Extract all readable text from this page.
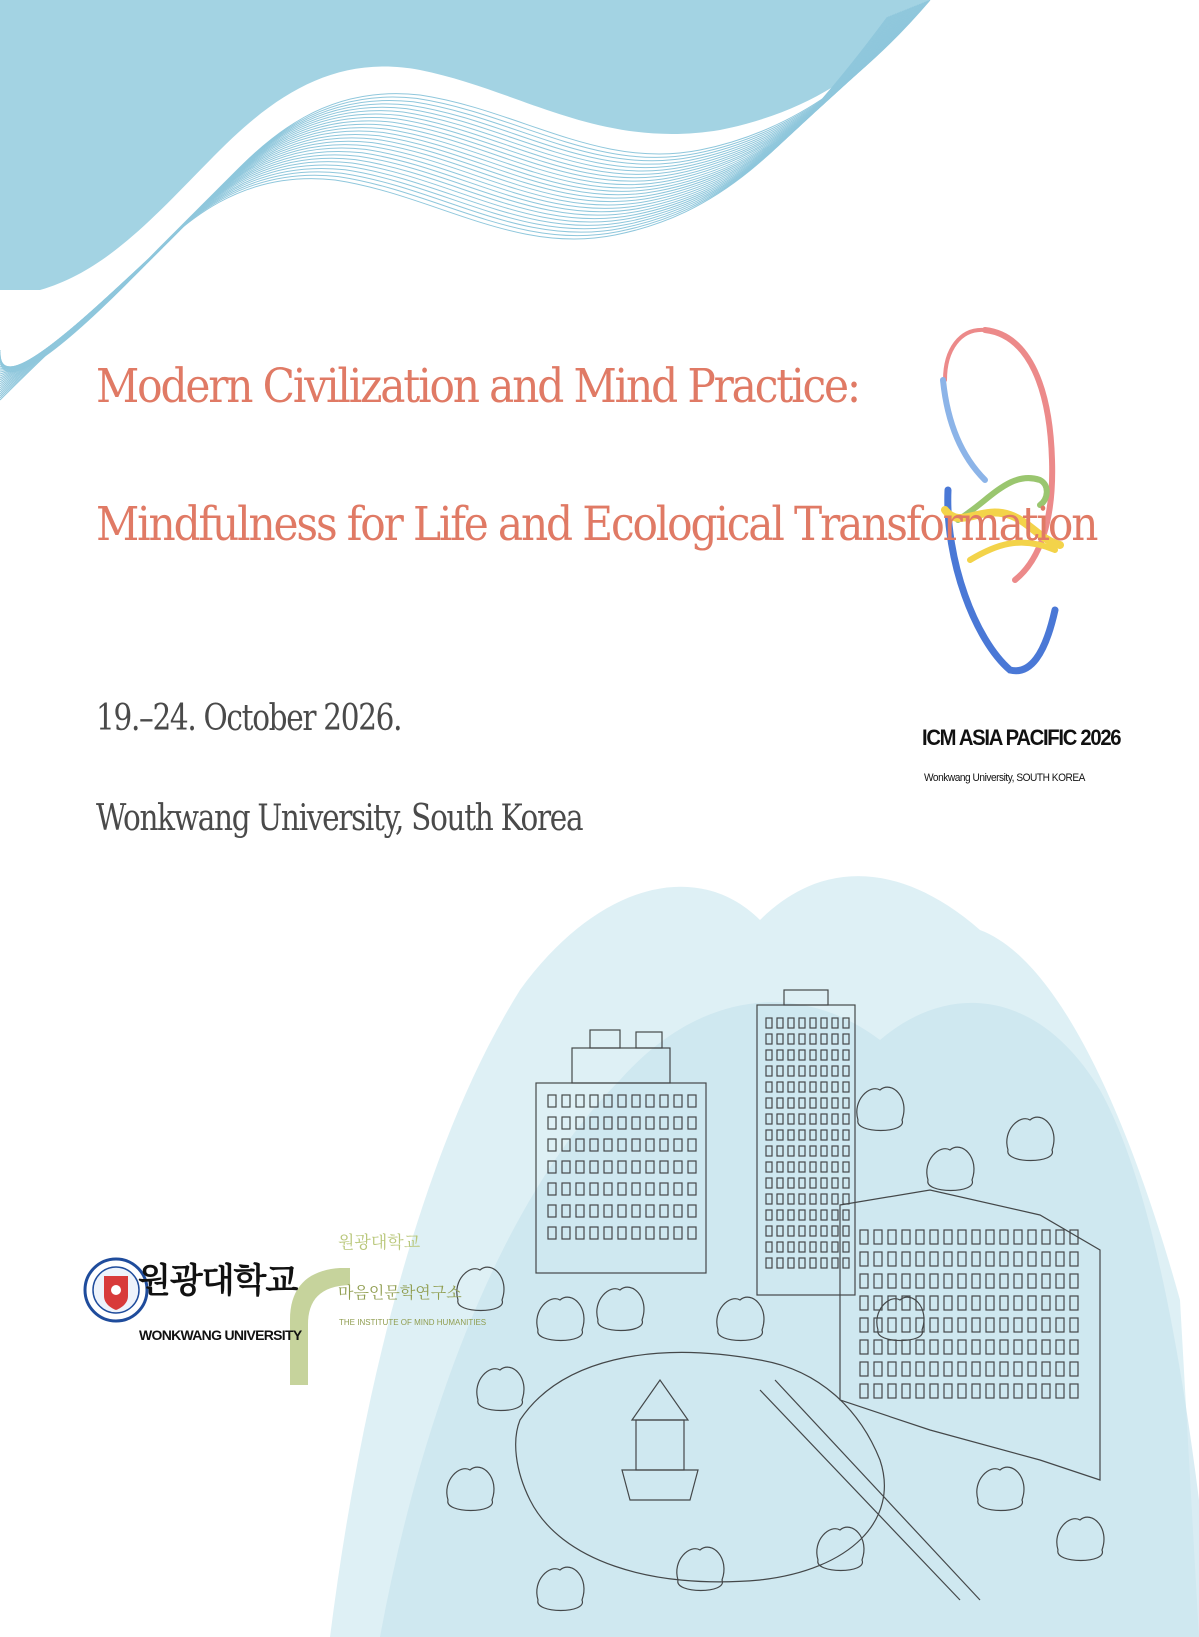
Modern Civilization and Mind Practice:
Mindfulness for Life and Ecological Transformation
19.–24. October 2026.
Wonkwang University, South Korea
ICM ASIA PACIFIC 2026
Wonkwang University, SOUTH KOREA
원광대학교
WONKWANG UNIVERSITY
원광대학교
마음인문학연구소
THE INSTITUTE OF MIND HUMANITIES
